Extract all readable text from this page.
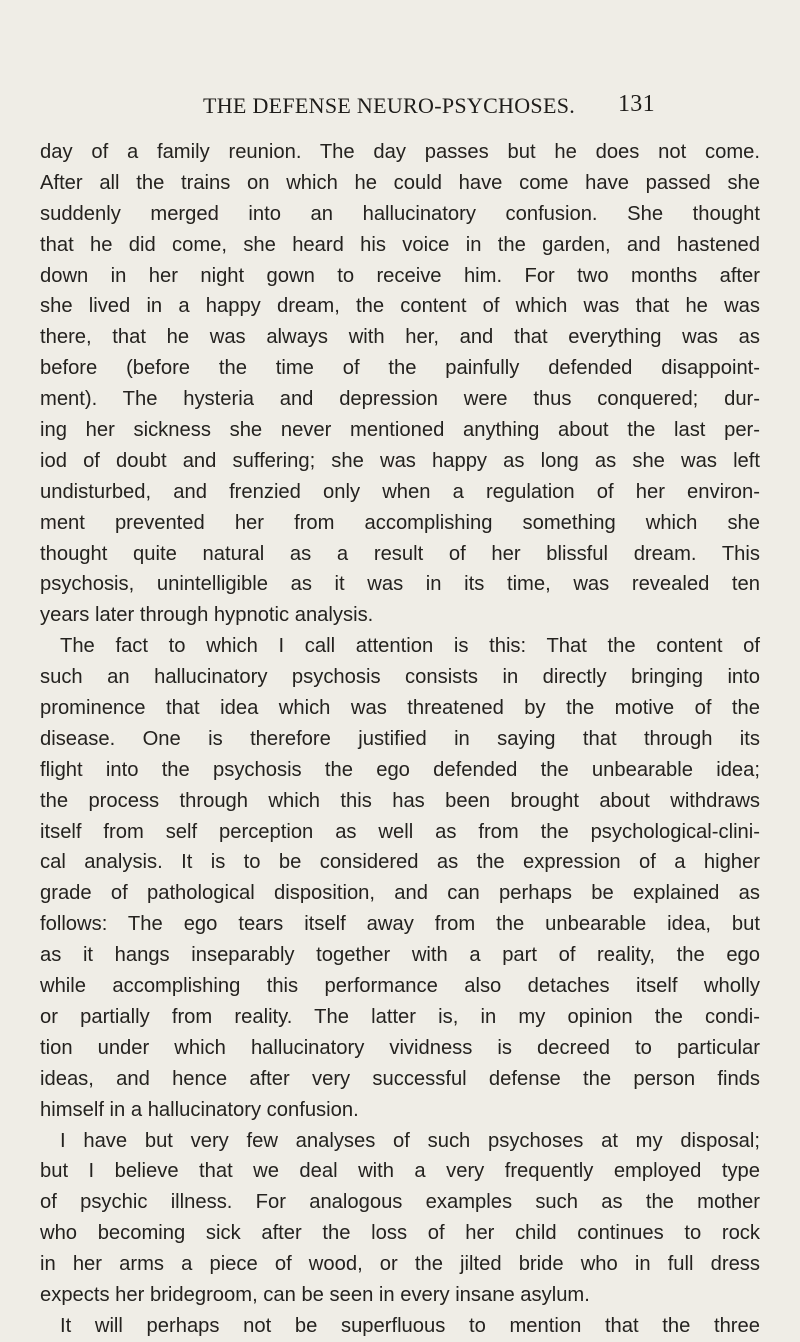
THE DEFENSE NEURO-PSYCHOSES. 131
day of a family reunion. The day passes but he does not come.
After all the trains on which he could have come have passed she
suddenly merged into an hallucinatory confusion. She thought
that he did come, she heard his voice in the garden, and hastened
down in her night gown to receive him. For two months after
she lived in a happy dream, the content of which was that he was
there, that he was always with her, and that everything was as
before (before the time of the painfully defended disappoint-
ment). The hysteria and depression were thus conquered; dur-
ing her sickness she never mentioned anything about the last per-
iod of doubt and suffering; she was happy as long as she was left
undisturbed, and frenzied only when a regulation of her environ-
ment prevented her from accomplishing something which she
thought quite natural as a result of her blissful dream. This
psychosis, unintelligible as it was in its time, was revealed ten
years later through hypnotic analysis.
The fact to which I call attention is this: That the content of
such an hallucinatory psychosis consists in directly bringing into
prominence that idea which was threatened by the motive of the
disease. One is therefore justified in saying that through its
flight into the psychosis the ego defended the unbearable idea;
the process through which this has been brought about withdraws
itself from self perception as well as from the psychological-clini-
cal analysis. It is to be considered as the expression of a higher
grade of pathological disposition, and can perhaps be explained as
follows: The ego tears itself away from the unbearable idea, but
as it hangs inseparably together with a part of reality, the ego
while accomplishing this performance also detaches itself wholly
or partially from reality. The latter is, in my opinion the condi-
tion under which hallucinatory vividness is decreed to particular
ideas, and hence after very successful defense the person finds
himself in a hallucinatory confusion.
I have but very few analyses of such psychoses at my disposal;
but I believe that we deal with a very frequently employed type
of psychic illness. For analogous examples such as the mother
who becoming sick after the loss of her child continues to rock
in her arms a piece of wood, or the jilted bride who in full dress
expects her bridegroom, can be seen in every insane asylum.
It will perhaps not be superfluous to mention that the three
